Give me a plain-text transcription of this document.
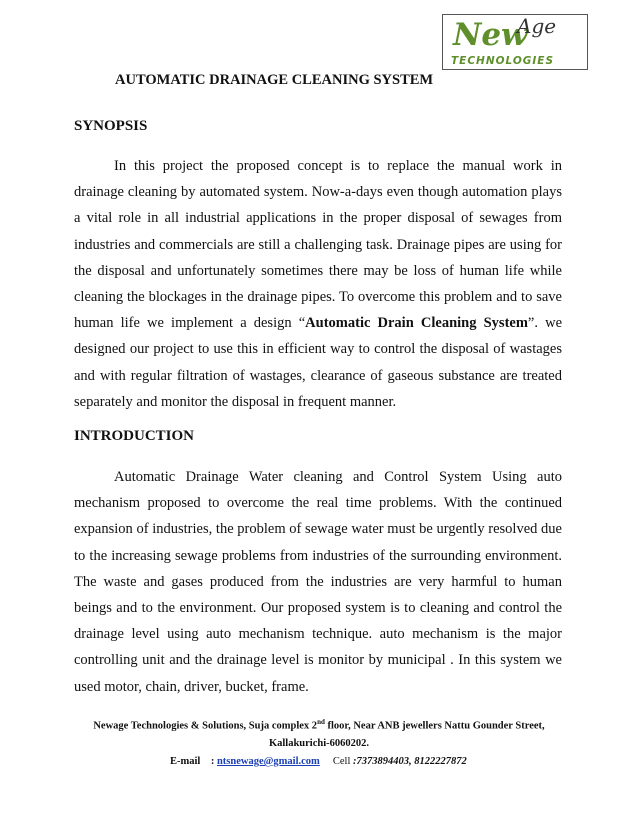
New
Age
TECHNOLOGIES
AUTOMATIC DRAINAGE CLEANING SYSTEM
SYNOPSIS

In this project the proposed concept is to replace the manual work in drainage cleaning by automated system. Now-a-days even though automation plays a vital role in all industrial applications in the proper disposal of sewages from industries and commercials are still a challenging task. Drainage pipes are using for the disposal and unfortunately sometimes there may be loss of human life while cleaning the blockages in the drainage pipes. To overcome this problem and to save human life we implement a design “Automatic Drain Cleaning System”. we designed our project to use this in efficient way to control the disposal of wastages and with regular filtration of wastages, clearance of gaseous substance are treated separately and monitor the disposal in frequent manner.

INTRODUCTION

Automatic Drainage Water cleaning and Control System Using auto mechanism proposed to overcome the real time problems. With the continued expansion of industries, the problem of sewage water must be urgently resolved due to the increasing sewage problems from industries of the surrounding environment. The waste and gases produced from the industries are very harmful to human beings and to the environment. Our proposed system is to cleaning and control the drainage level using auto mechanism technique. auto mechanism is the major controlling unit and the drainage level is monitor by municipal . In this system we used motor, chain, driver, bucket, frame.

Newage Technologies & Solutions, Suja complex 2nd floor, Near ANB jewellers Nattu Gounder Street,
Kallakurichi-6060202.
E-mail : ntsnewage@gmail.com Cell :7373894403, 8122227872
